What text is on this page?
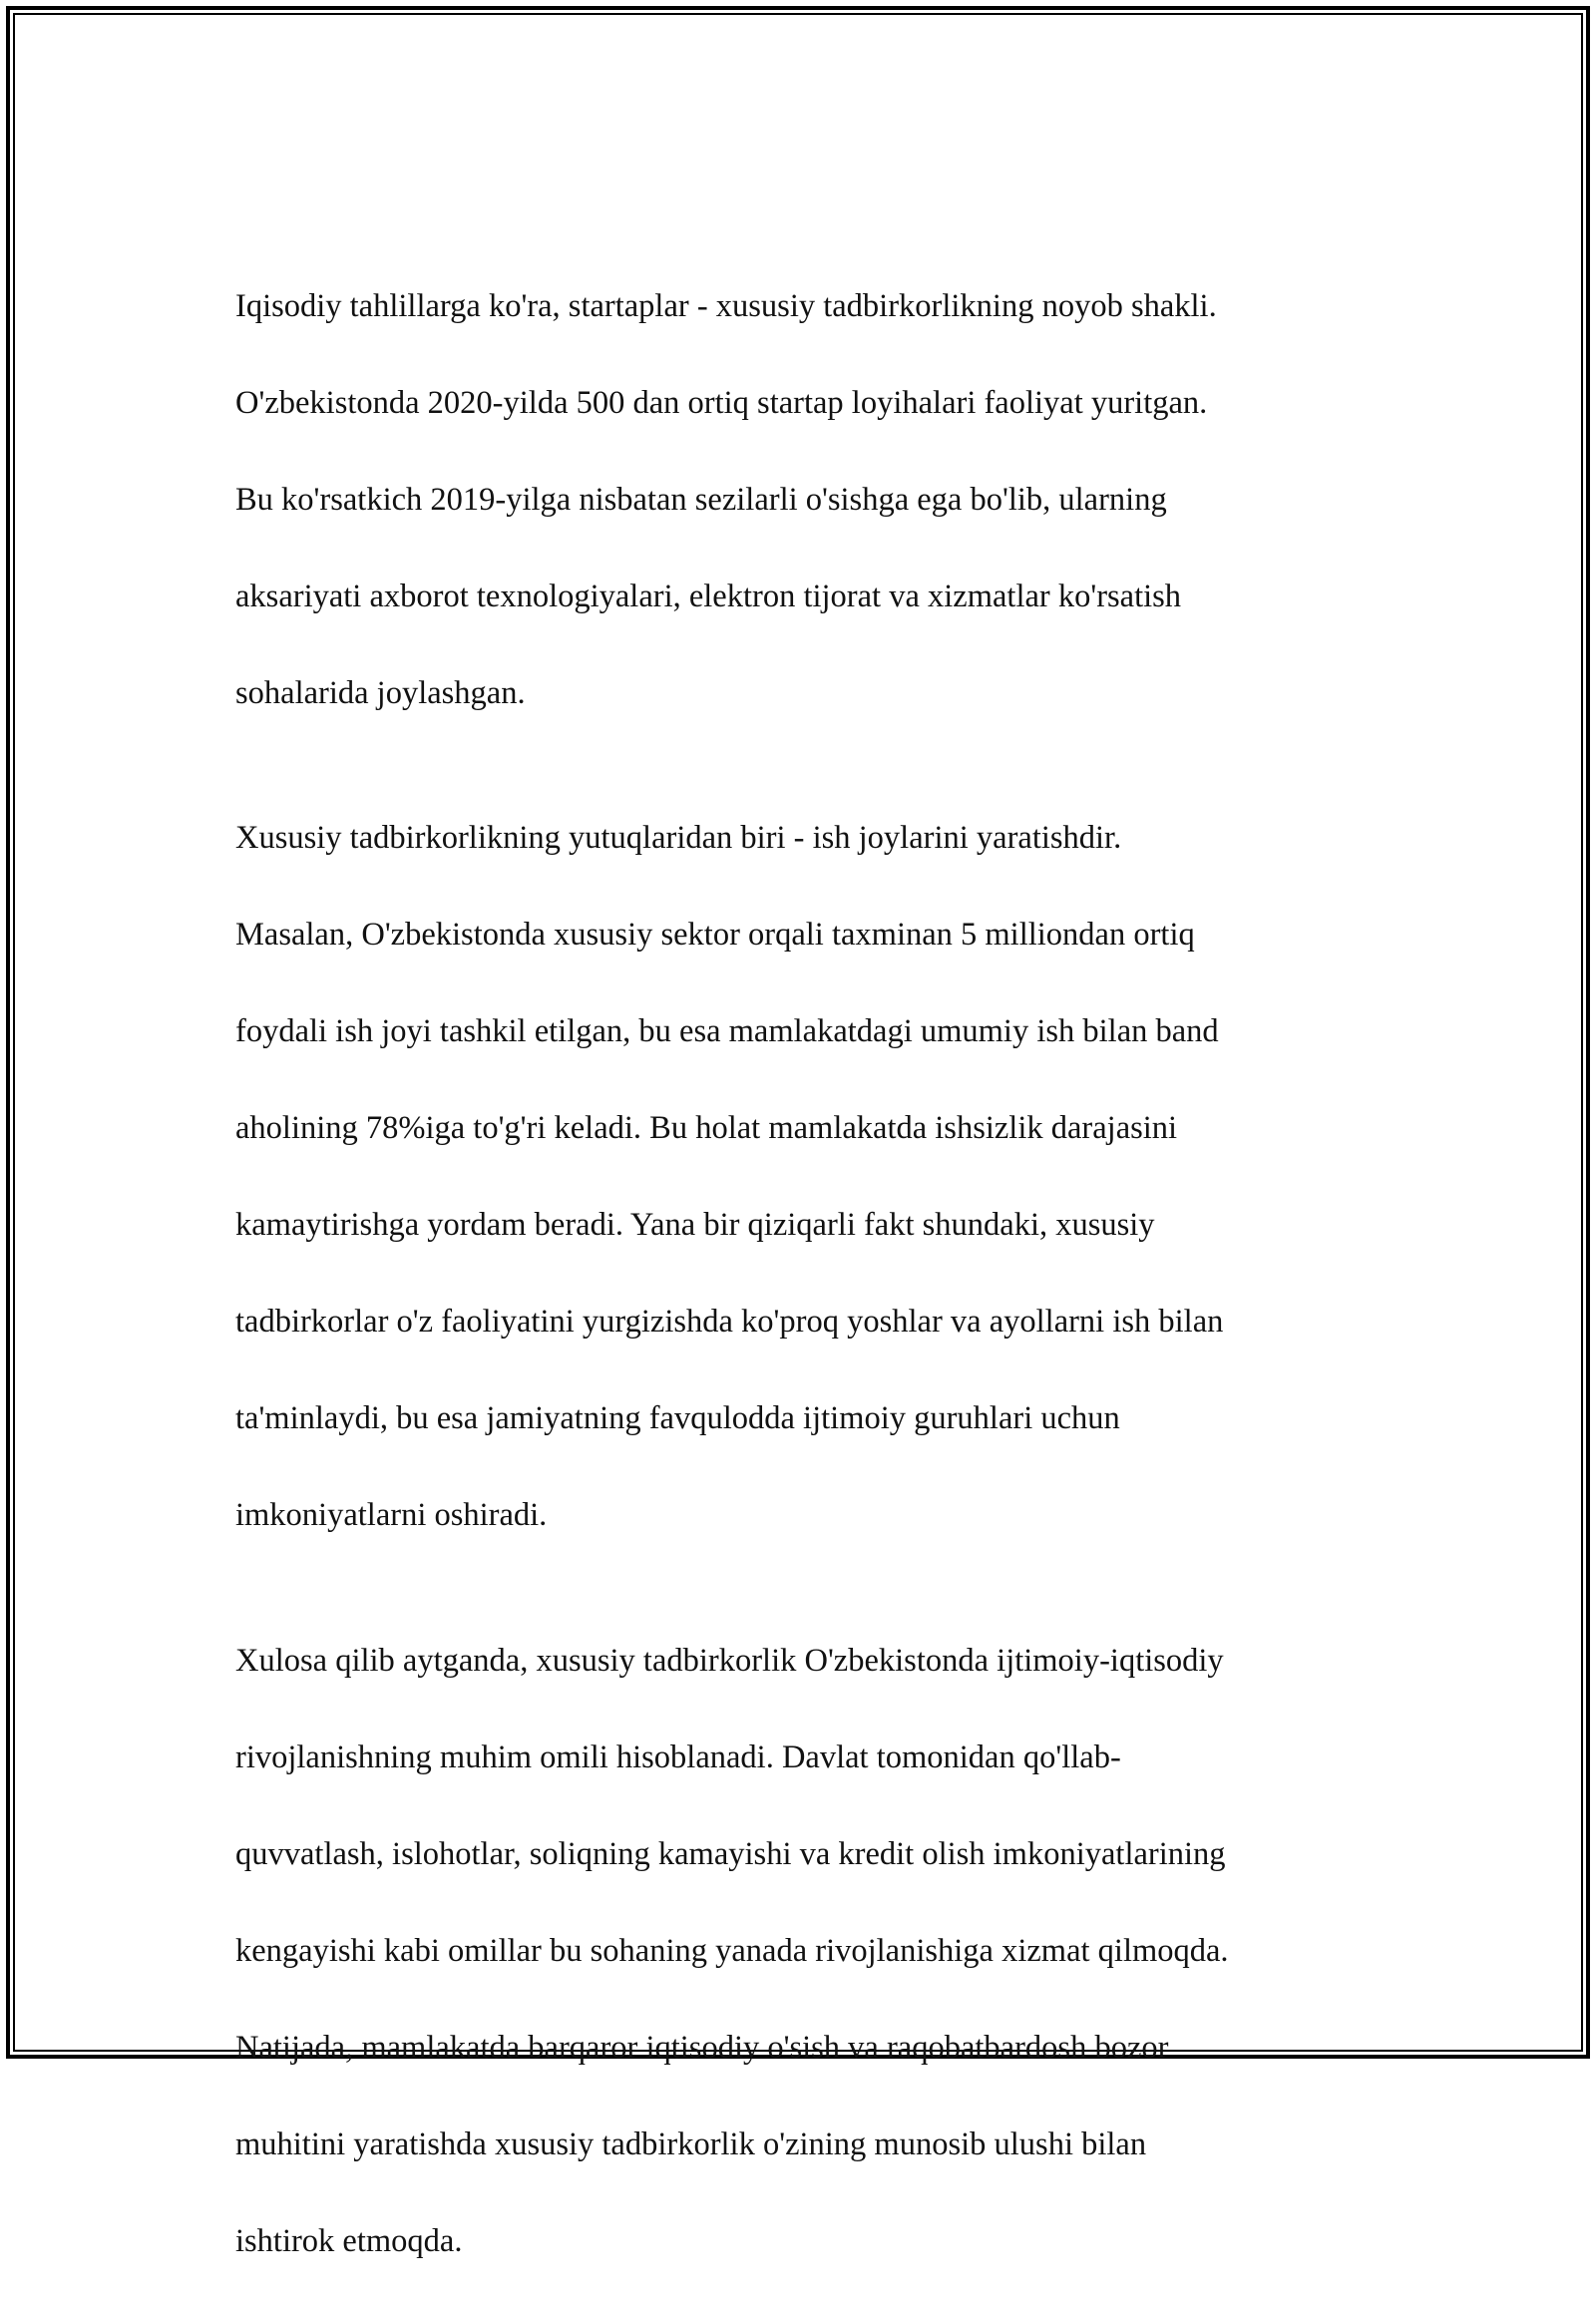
Iqisodiy tahlillarga ko'ra, startaplar - xususiy tadbirkorlikning noyob shakli.

O'zbekistonda 2020-yilda 500 dan ortiq startap loyihalari faoliyat yuritgan.

Bu ko'rsatkich 2019-yilga nisbatan sezilarli o'sishga ega bo'lib, ularning

aksariyati axborot texnologiyalari, elektron tijorat va xizmatlar ko'rsatish

sohalarida joylashgan.

Xususiy tadbirkorlikning yutuqlaridan biri - ish joylarini yaratishdir.

Masalan, O'zbekistonda xususiy sektor orqali taxminan 5 milliondan ortiq

foydali ish joyi tashkil etilgan, bu esa mamlakatdagi umumiy ish bilan band

aholining 78%iga to'g'ri keladi. Bu holat mamlakatda ishsizlik darajasini

kamaytirishga yordam beradi. Yana bir qiziqarli fakt shundaki, xususiy

tadbirkorlar o'z faoliyatini yurgizishda ko'proq yoshlar va ayollarni ish bilan

ta'minlaydi, bu esa jamiyatning favqulodda ijtimoiy guruhlari uchun

imkoniyatlarni oshiradi.

Xulosa qilib aytganda, xususiy tadbirkorlik O'zbekistonda ijtimoiy-iqtisodiy

rivojlanishning muhim omili hisoblanadi. Davlat tomonidan qo'llab-

quvvatlash, islohotlar, soliqning kamayishi va kredit olish imkoniyatlarining

kengayishi kabi omillar bu sohaning yanada rivojlanishiga xizmat qilmoqda.

Natijada, mamlakatda barqaror iqtisodiy o'sish va raqobatbardosh bozor

muhitini yaratishda xususiy tadbirkorlik o'zining munosib ulushi bilan

ishtirok etmoqda.
